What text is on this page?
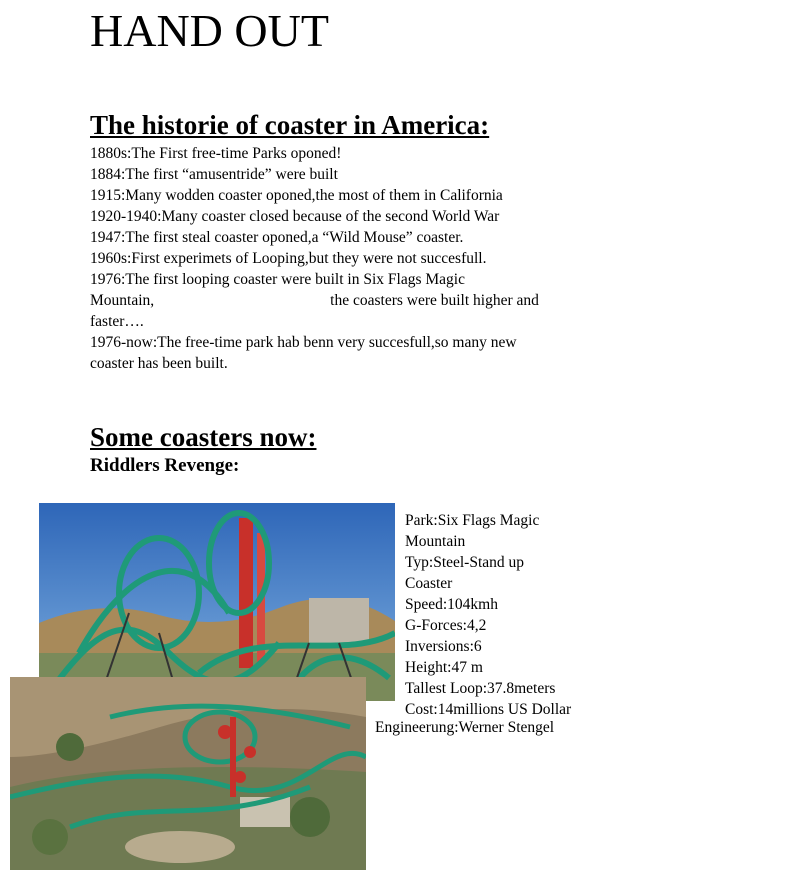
HAND OUT
The historie of coaster in America:
1880s:The First free-time Parks oponed!
1884:The first “amusentride” were built
1915:Many wodden coaster oponed,the most of them in California
1920-1940:Many coaster closed because of the second World War
1947:The first steal coaster oponed,a “Wild Mouse” coaster.
1960s:First experimets of Looping,but they were not succesfull.
1976:The first looping coaster were built in Six Flags Magic
Mountain,	the coasters were built higher and
faster….
1976-now:The free-time park hab benn very succesfull,so many new
coaster has been built.
Some coasters now:
Riddlers Revenge:
Park:Six Flags Magic
Mountain
Typ:Steel-Stand up
Coaster
Speed:104kmh
G-Forces:4,2
Inversions:6
Height:47 m
Tallest Loop:37.8meters
Cost:14millions US Dollar
Engineerung:Werner Stengel
